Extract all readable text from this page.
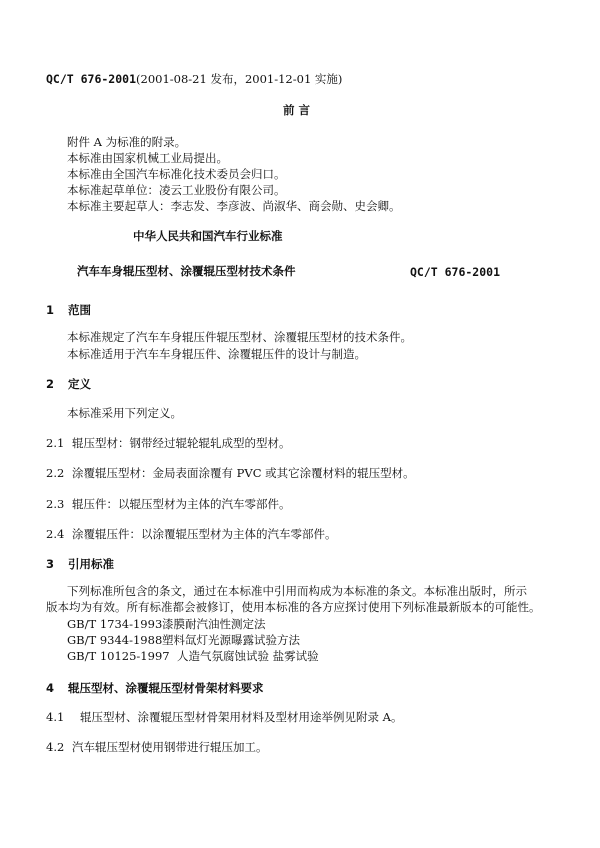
QC/T 676-2001(2001-08-21 发布，2001-12-01 实施)
前 言
附件 A 为标准的附录。
本标准由国家机械工业局提出。
本标准由全国汽车标准化技术委员会归口。
本标准起草单位：凌云工业股份有限公司。
本标准主要起草人：李志发、李彦波、尚淑华、商会勋、史会卿。
中华人民共和国汽车行业标准
汽车车身辊压型材、涂覆辊压型材技术条件	QC/T 676-2001
1 范围
本标准规定了汽车车身辊压件辊压型材、涂覆辊压型材的技术条件。
本标准适用于汽车车身辊压件、涂覆辊压件的设计与制造。
2 定义
本标准采用下列定义。
2.1 辊压型材：钢带经过辊轮辊轧成型的型材。
2.2 涂覆辊压型材：金局表面涂覆有 PVC 或其它涂覆材料的辊压型材。
2.3 辊压件：以辊压型材为主体的汽车零部件。
2.4 涂覆辊压件：以涂覆辊压型材为主体的汽车零部件。
3 引用标准
下列标准所包含的条文，通过在本标准中引用而构成为本标准的条文。本标准出版时，所示
版本均为有效。所有标准都会被修订，使用本标准的各方应探讨使用下列标准最新版本的可能性。
GB/T 1734-1993漆膜耐汽油性测定法
GB/T 9344-1988塑料氙灯光源曝露试验方法
GB/T 10125-1997 人造气氛腐蚀试验 盐雾试验
4 辊压型材、涂覆辊压型材骨架材料要求
4.1 辊压型材、涂覆辊压型材骨架用材料及型材用途举例见附录 A。
4.2 汽车辊压型材使用钢带进行辊压加工。
